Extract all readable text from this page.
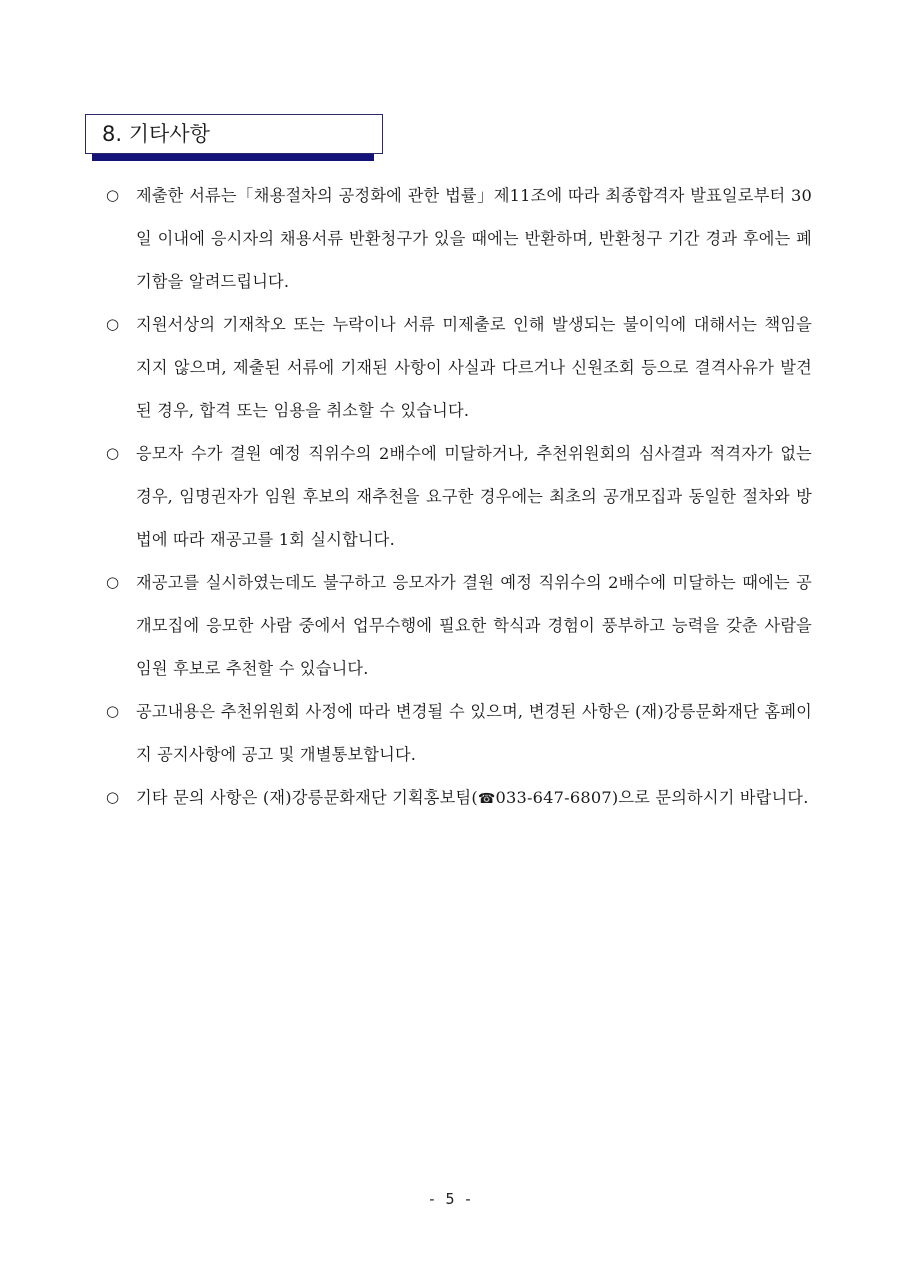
8. 기타사항
○ 제출한 서류는「채용절차의 공정화에 관한 법률」제11조에 따라 최종합격자 발표일로부터 30일 이내에 응시자의 채용서류 반환청구가 있을 때에는 반환하며, 반환청구 기간 경과 후에는 폐기함을 알려드립니다.
○ 지원서상의 기재착오 또는 누락이나 서류 미제출로 인해 발생되는 불이익에 대해서는 책임을 지지 않으며, 제출된 서류에 기재된 사항이 사실과 다르거나 신원조회 등으로 결격사유가 발견된 경우, 합격 또는 임용을 취소할 수 있습니다.
○ 응모자 수가 결원 예정 직위수의 2배수에 미달하거나, 추천위원회의 심사결과 적격자가 없는 경우, 임명권자가 임원 후보의 재추천을 요구한 경우에는 최초의 공개모집과 동일한 절차와 방법에 따라 재공고를 1회 실시합니다.
○ 재공고를 실시하였는데도 불구하고 응모자가 결원 예정 직위수의 2배수에 미달하는 때에는 공개모집에 응모한 사람 중에서 업무수행에 필요한 학식과 경험이 풍부하고 능력을 갖춘 사람을 임원 후보로 추천할 수 있습니다.
○ 공고내용은 추천위원회 사정에 따라 변경될 수 있으며, 변경된 사항은 (재)강릉문화재단 홈페이지 공지사항에 공고 및 개별통보합니다.
○ 기타 문의 사항은 (재)강릉문화재단 기획홍보팀(☎033-647-6807)으로 문의하시기 바랍니다.
- 5 -
